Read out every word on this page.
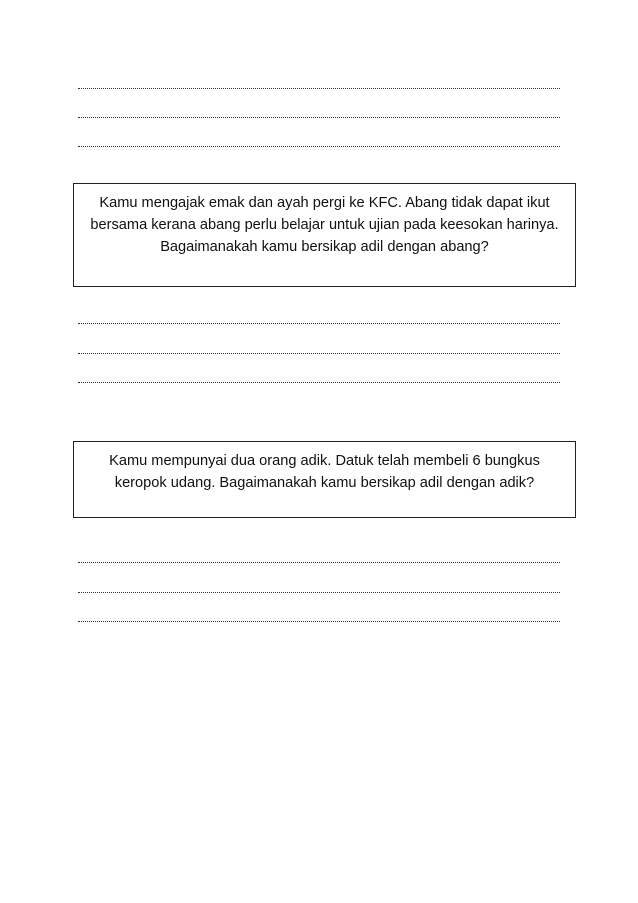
Kamu mengajak emak dan ayah pergi ke KFC. Abang tidak dapat ikut bersama kerana abang perlu belajar untuk ujian pada keesokan harinya. Bagaimanakah kamu bersikap adil dengan abang?
Kamu mempunyai dua orang adik. Datuk telah membeli 6 bungkus keropok udang. Bagaimanakah kamu bersikap adil dengan adik?
